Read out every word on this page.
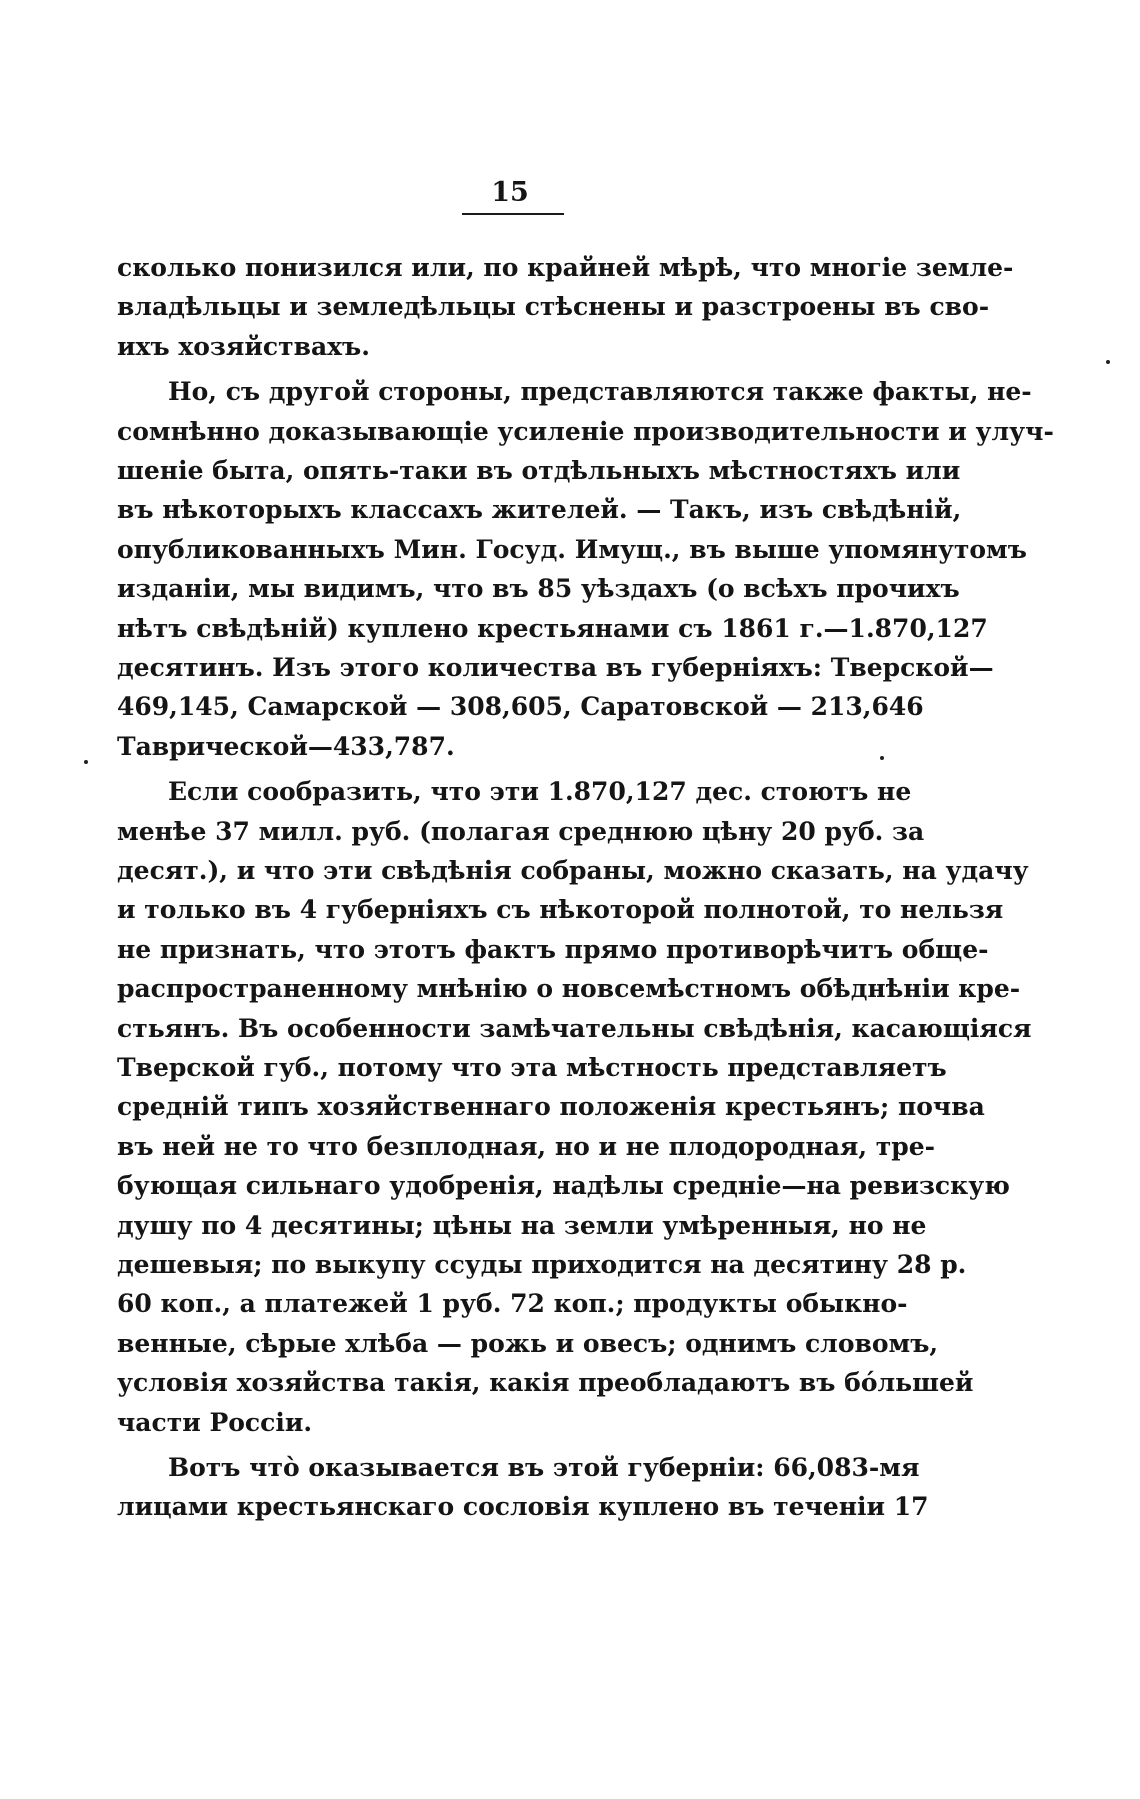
15
сколько понизился или, по крайней мѣрѣ, что многіе земле-
владѣльцы и земледѣльцы стѣснены и разстроены въ сво-
ихъ хозяйствахъ.
Но, съ другой стороны, представляются также факты, не-
сомнѣнно доказывающіе усиленіе производительности и улуч-
шеніе быта, опять-таки въ отдѣльныхъ мѣстностяхъ или
въ нѣкоторыхъ классахъ жителей. — Такъ, изъ свѣдѣній,
опубликованныхъ Мин. Госуд. Имущ., въ выше упомянутомъ
изданіи, мы видимъ, что въ 85 уѣздахъ (о всѣхъ прочихъ
нѣтъ свѣдѣній) куплено крестьянами съ 1861 г.—1.870,127
десятинъ. Изъ этого количества въ губерніяхъ: Тверской—
469,145, Самарской — 308,605, Саратовской — 213,646
Таврической—433,787.
Если сообразить, что эти 1.870,127 дес. стоютъ не
менѣе 37 милл. руб. (полагая среднюю цѣну 20 руб. за
десят.), и что эти свѣдѣнія собраны, можно сказать, на удачу
и только въ 4 губерніяхъ съ нѣкоторой полнотой, то нельзя
не признать, что этотъ фактъ прямо противорѣчитъ обще-
распространенному мнѣнію о новсемѣстномъ обѣднѣніи кре-
стьянъ. Въ особенности замѣчательны свѣдѣнія, касающіяся
Тверской губ., потому что эта мѣстность представляетъ
средній типъ хозяйственнаго положенія крестьянъ; почва
въ ней не то что безплодная, но и не плодородная, тре-
бующая сильнаго удобренія, надѣлы средніе—на ревизскую
душу по 4 десятины; цѣны на земли умѣренныя, но не
дешевыя; по выкупу ссуды приходится на десятину 28 р.
60 коп., а платежей 1 руб. 72 коп.; продукты обыкно-
венные, сѣрые хлѣба — рожь и овесъ; однимъ словомъ,
условія хозяйства такія, какія преобладаютъ въ бóльшей
части Россіи.
Вотъ чтò оказывается въ этой губерніи: 66,083-мя
лицами крестьянскаго сословія куплено въ теченіи 17
